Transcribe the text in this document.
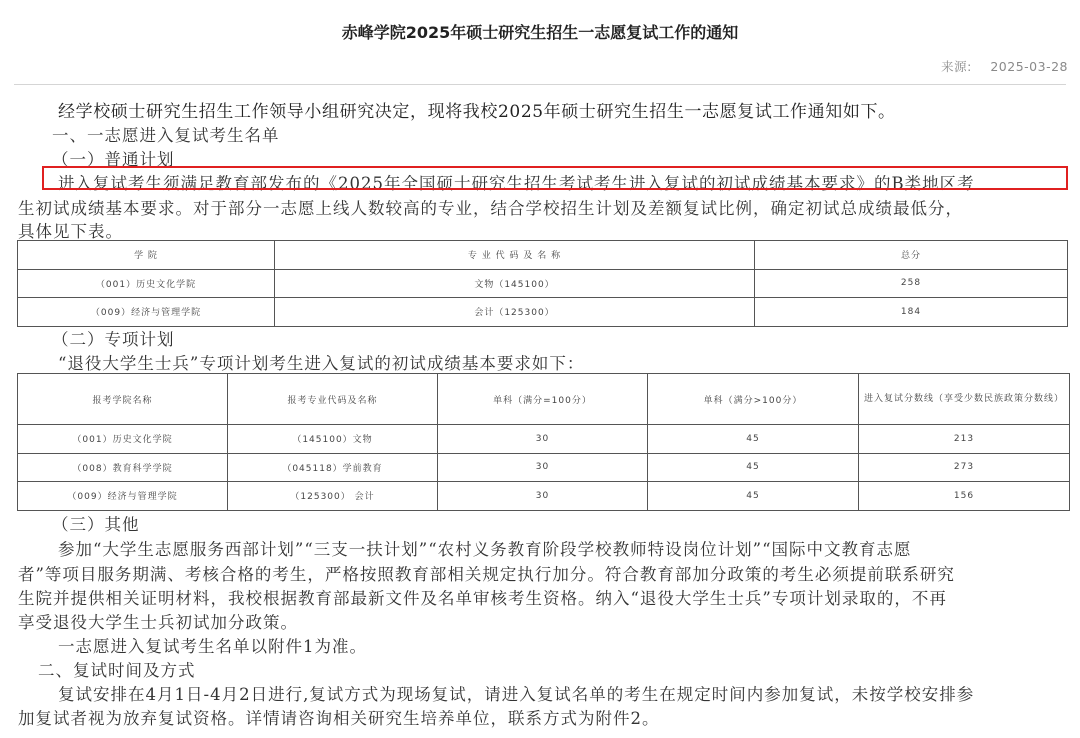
赤峰学院2025年硕士研究生招生一志愿复试工作的通知
来源: 2025-03-28
经学校硕士研究生招生工作领导小组研究决定，现将我校2025年硕士研究生招生一志愿复试工作通知如下。
一、一志愿进入复试考生名单
（一）普通计划
进入复试考生须满足教育部发布的《2025年全国硕士研究生招生考试考生进入复试的初试成绩基本要求》的B类地区考
生初试成绩基本要求。对于部分一志愿上线人数较高的专业，结合学校招生计划及差额复试比例，确定初试总成绩最低分，
具体见下表。
学 院	专 业 代 码 及 名 称	总分
（001）历史文化学院	文物（145100）	258
（009）经济与管理学院	会计（125300）	184
（二）专项计划
“退役大学生士兵”专项计划考生进入复试的初试成绩基本要求如下：
报考学院名称	报考专业代码及名称	单科（满分=100分）	单科（满分>100分）	进入复试分数线（享受少数民族政策分数线）
（001）历史文化学院	（145100）文物	30	45	213
（008）教育科学学院	（045118）学前教育	30	45	273
（009）经济与管理学院	（125300） 会计	30	45	156
（三）其他
参加“大学生志愿服务西部计划”“三支一扶计划”“农村义务教育阶段学校教师特设岗位计划”“国际中文教育志愿
者”等项目服务期满、考核合格的考生，严格按照教育部相关规定执行加分。符合教育部加分政策的考生必须提前联系研究
生院并提供相关证明材料，我校根据教育部最新文件及名单审核考生资格。纳入“退役大学生士兵”专项计划录取的，不再
享受退役大学生士兵初试加分政策。
一志愿进入复试考生名单以附件1为准。
二、复试时间及方式
复试安排在4月1日-4月2日进行,复试方式为现场复试，请进入复试名单的考生在规定时间内参加复试，未按学校安排参
加复试者视为放弃复试资格。详情请咨询相关研究生培养单位，联系方式为附件2。
